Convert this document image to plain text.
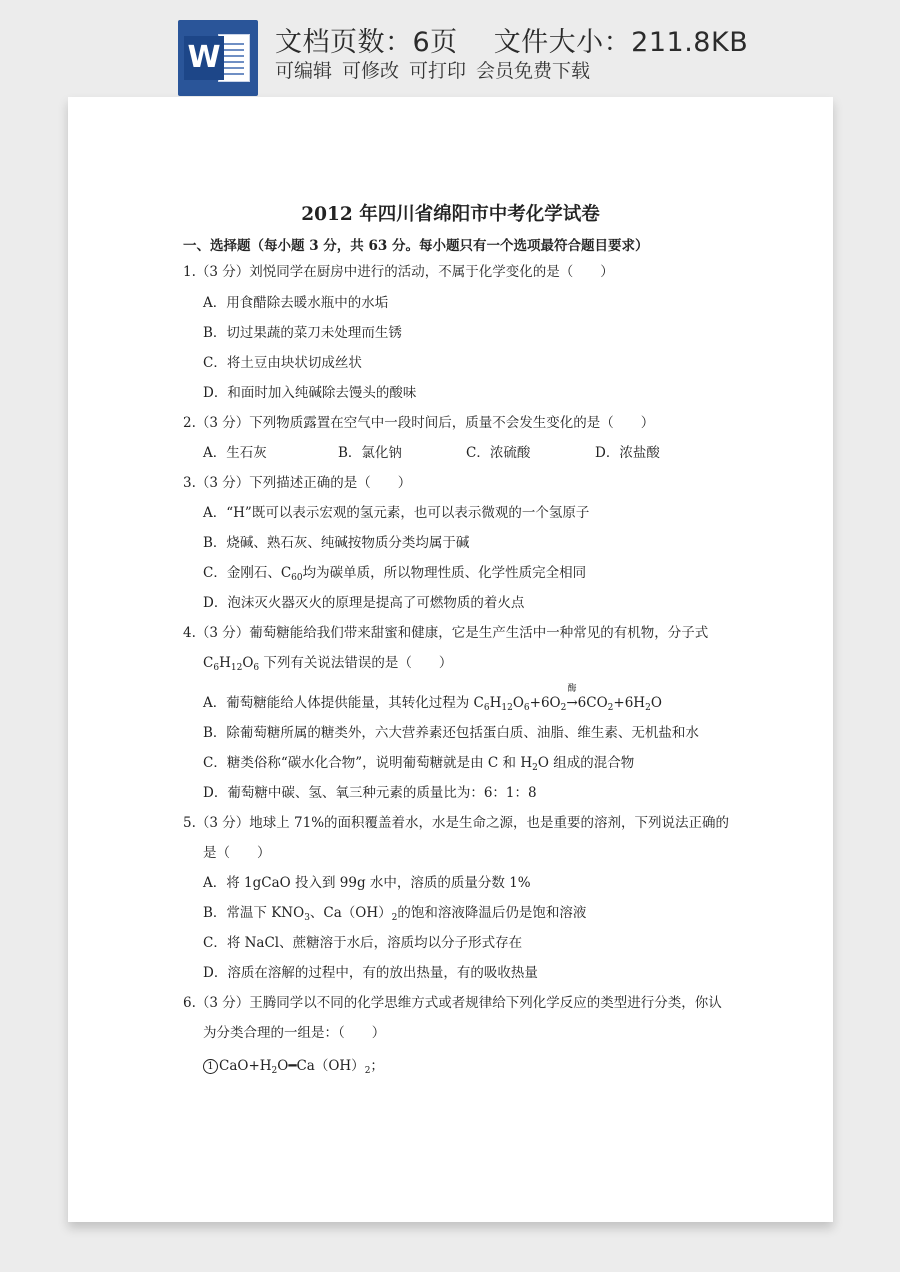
W 文档页数：6页 文件大小：211.8KB
可编辑 可修改 可打印 会员免费下载
2012 年四川省绵阳市中考化学试卷
一、选择题（每小题 3 分，共 63 分。每小题只有一个选项最符合题目要求）
1.（3 分）刘悦同学在厨房中进行的活动，不属于化学变化的是（　　）
A．用食醋除去暖水瓶中的水垢
B．切过果蔬的菜刀未处理而生锈
C．将土豆由块状切成丝状
D．和面时加入纯碱除去馒头的酸味
2.（3 分）下列物质露置在空气中一段时间后，质量不会发生变化的是（　　）
A．生石灰	B．氯化钠	C．浓硫酸	D．浓盐酸
3.（3 分）下列描述正确的是（　　）
A．“H”既可以表示宏观的氢元素，也可以表示微观的一个氢原子
B．烧碱、熟石灰、纯碱按物质分类均属于碱
C．金刚石、$C_{60}$均为碳单质，所以物理性质、化学性质完全相同
D．泡沫灭火器灭火的原理是提高了可燃物质的着火点
4.（3 分）葡萄糖能给我们带来甜蜜和健康，它是生产生活中一种常见的有机物，分子式
$C_6H_{12}O_6$ 下列有关说法错误的是（　　）
A．葡萄糖能给人体提供能量，其转化过程为 $C_6H_{12}O_6+6O_2$
酶
$\to 6CO_2+6H_2O$
B．除葡萄糖所属的糖类外，六大营养素还包括蛋白质、油脂、维生素、无机盐和水
C．糖类俗称“碳水化合物”，说明葡萄糖就是由 C 和 $H_2O$ 组成的混合物
D．葡萄糖中碳、氢、氧三种元素的质量比为：6：1：8
5.（3 分）地球上 71%的面积覆盖着水，水是生命之源，也是重要的溶剂，下列说法正确的
是（　　）
A．将 1gCaO 投入到 99g 水中，溶质的质量分数 1%
B．常温下 $KNO_3$、$Ca(OH)_2$的饱和溶液降温后仍是饱和溶液
C．将 NaCl、蔗糖溶于水后，溶质均以分子形式存在
D．溶质在溶解的过程中，有的放出热量，有的吸收热量
6.（3 分）王腾同学以不同的化学思维方式或者规律给下列化学反应的类型进行分类，你认
为分类合理的一组是：（　　）
1 $CaO+H_2O━Ca(OH)_2$；
